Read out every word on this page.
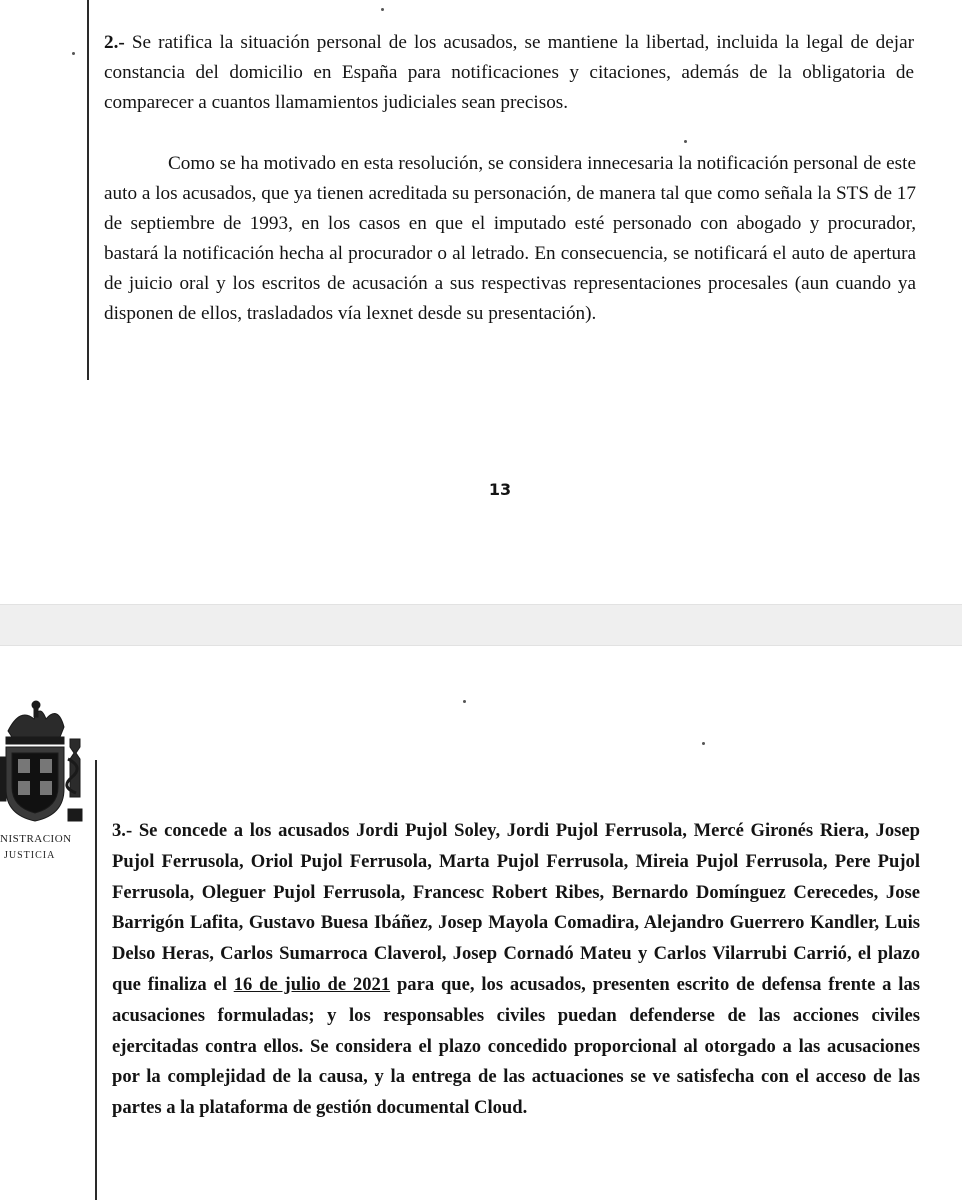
2.- Se ratifica la situación personal de los acusados, se mantiene la libertad, incluida la legal de dejar constancia del domicilio en España para notificaciones y citaciones, además de la obligatoria de comparecer a cuantos llamamientos judiciales sean precisos.

Como se ha motivado en esta resolución, se considera innecesaria la notificación personal de este auto a los acusados, que ya tienen acreditada su personación, de manera tal que como señala la STS de 17 de septiembre de 1993, en los casos en que el imputado esté personado con abogado y procurador, bastará la notificación hecha al procurador o al letrado. En consecuencia, se notificará el auto de apertura de juicio oral y los escritos de acusación a sus respectivas representaciones procesales (aun cuando ya disponen de ellos, trasladados vía lexnet desde su presentación).

13

NISTRACION
JUSTICIA

3.- Se concede a los acusados Jordi Pujol Soley, Jordi Pujol Ferrusola, Mercé Gironés Riera, Josep Pujol Ferrusola, Oriol Pujol Ferrusola, Marta Pujol Ferrusola, Mireia Pujol Ferrusola, Pere Pujol Ferrusola, Oleguer Pujol Ferrusola, Francesc Robert Ribes, Bernardo Domínguez Cerecedes, Jose Barrigón Lafita, Gustavo Buesa Ibáñez, Josep Mayola Comadira, Alejandro Guerrero Kandler, Luis Delso Heras, Carlos Sumarroca Claverol, Josep Cornadó Mateu y Carlos Vilarrubi Carrió, el plazo que finaliza el 16 de julio de 2021 para que, los acusados, presenten escrito de defensa frente a las acusaciones formuladas; y los responsables civiles puedan defenderse de las acciones civiles ejercitadas contra ellos. Se considera el plazo concedido proporcional al otorgado a las acusaciones por la complejidad de la causa, y la entrega de las actuaciones se ve satisfecha con el acceso de las partes a la plataforma de gestión documental Cloud.
